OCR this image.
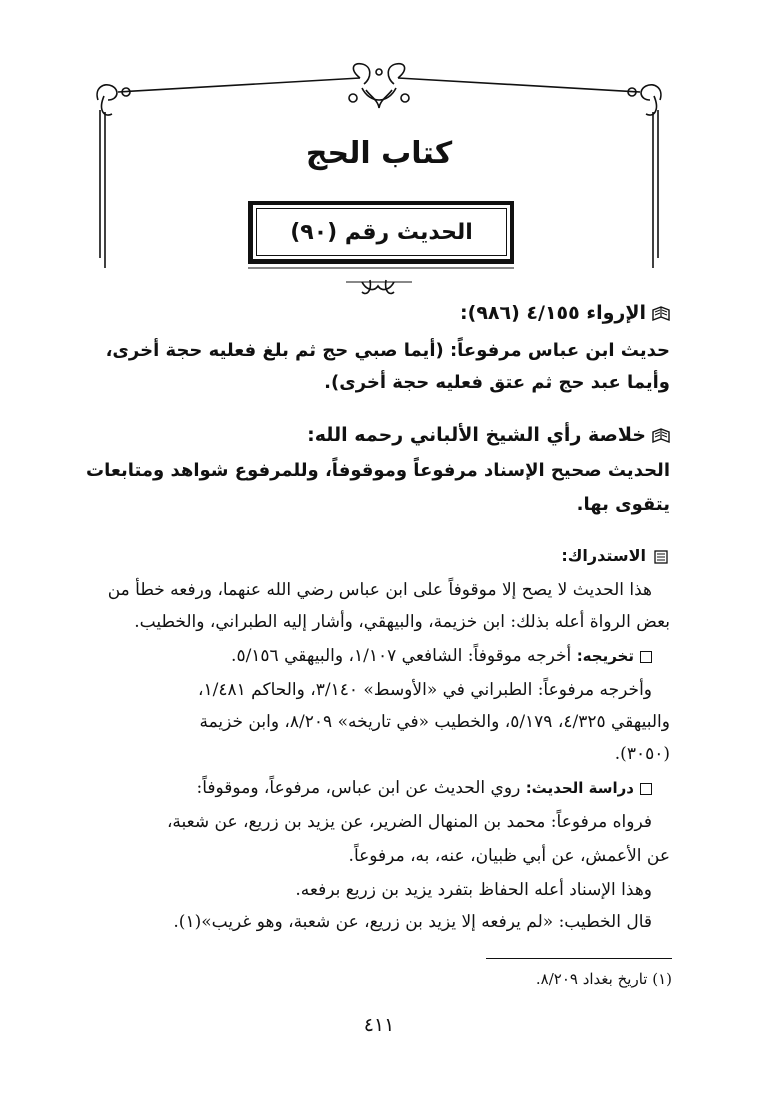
كتاب الحج
الحديث رقم (٩٠)
الإرواء ٤/١٥٥ (٩٨٦):
حديث ابن عباس مرفوعاً: (أيما صبي حج ثم بلغ فعليه حجة أخرى،
وأيما عبد حج ثم عتق فعليه حجة أخرى).
خلاصة رأي الشيخ الألباني رحمه الله:
الحديث صحيح الإسناد مرفوعاً وموقوفاً، وللمرفوع شواهد ومتابعات
يتقوى بها.
الاستدراك:
هذا الحديث لا يصح إلا موقوفاً على ابن عباس رضي الله عنهما، ورفعه خطأ من
بعض الرواة أعله بذلك: ابن خزيمة، والبيهقي، وأشار إليه الطبراني، والخطيب.
تخريجه: أخرجه موقوفاً: الشافعي ١/١٠٧، والبيهقي ٥/١٥٦.
وأخرجه مرفوعاً: الطبراني في «الأوسط» ٣/١٤٠، والحاكم ١/٤٨١،
والبيهقي ٤/٣٢٥، ٥/١٧٩، والخطيب «في تاريخه» ٨/٢٠٩، وابن خزيمة
(٣٠٥٠).
دراسة الحديث: روي الحديث عن ابن عباس، مرفوعاً، وموقوفاً:
فرواه مرفوعاً: محمد بن المنهال الضرير، عن يزيد بن زريع، عن شعبة،
عن الأعمش، عن أبي ظبيان، عنه، به، مرفوعاً.
وهذا الإسناد أعله الحفاظ بتفرد يزيد بن زريع برفعه.
قال الخطيب: «لم يرفعه إلا يزيد بن زريع، عن شعبة، وهو غريب»(١).
(١) تاريخ بغداد ٨/٢٠٩.
٤١١
